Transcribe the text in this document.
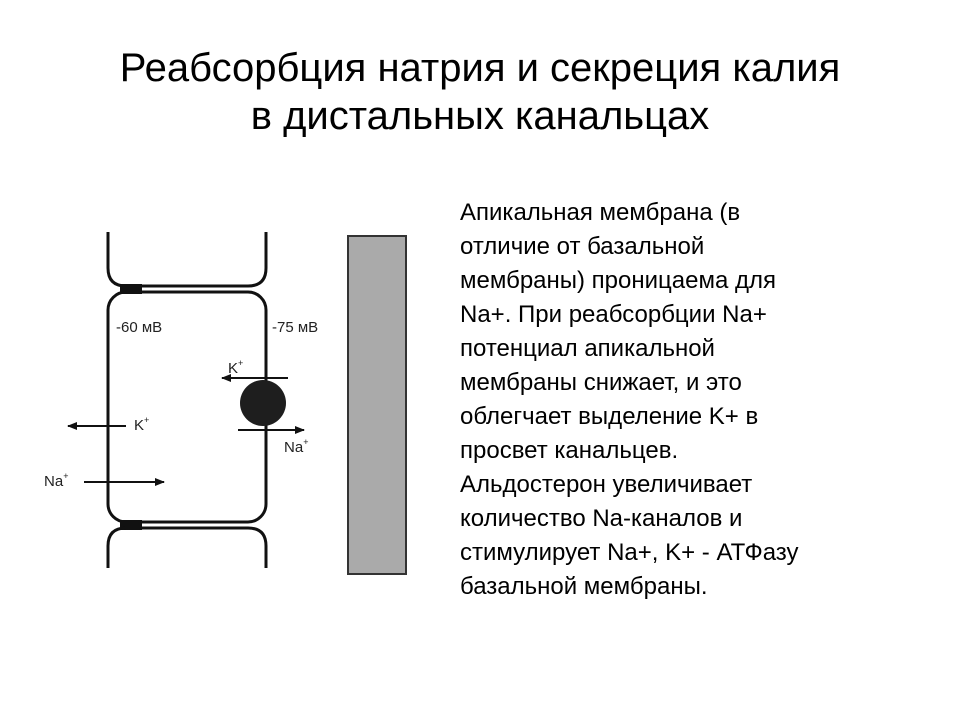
Реабсорбция натрия и секреция калия
в дистальных канальцах
-60 мВ	-75 мВ
K+
Na+
K+
Na+

Апикальная мембрана (в
отличие от базальной
мембраны) проницаема для
Na+. При реабсорбции Na+
потенциал апикальной
мембраны снижает, и это
облегчает выделение K+ в
просвет канальцев.
Альдостерон увеличивает
количество Na-каналов и
стимулирует Na+, K+ - АТФазу
базальной мембраны.
